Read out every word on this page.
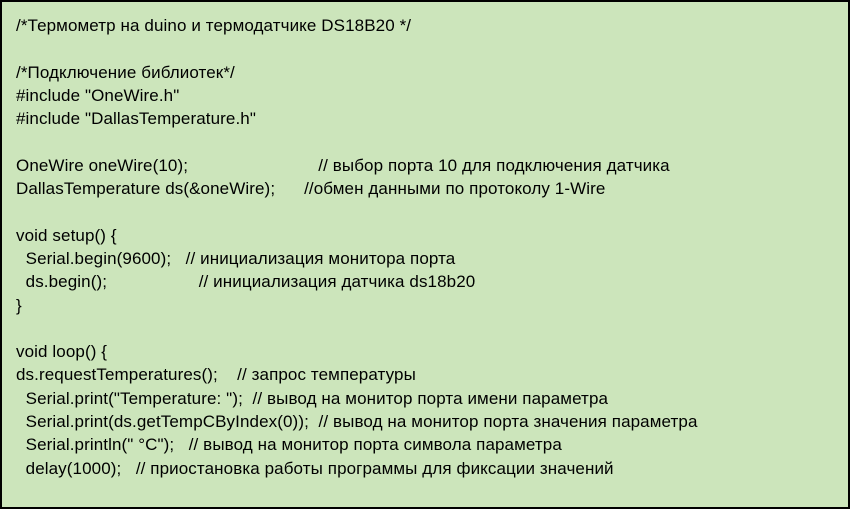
/*Термометр на duino и термодатчике DS18B20 */
/*Подключение библиотек*/
#include "OneWire.h"
#include "DallasTemperature.h"
OneWire oneWire(10);                           // выбор порта 10 для подключения датчика
DallasTemperature ds(&oneWire);      //обмен данными по протоколу 1-Wire
void setup() {
Serial.begin(9600);   // инициализация монитора порта
ds.begin();                   // инициализация датчика ds18b20
}
void loop() {
ds.requestTemperatures();    // запрос температуры
Serial.print("Temperature: ");  // вывод на монитор порта имени параметра
Serial.print(ds.getTempCByIndex(0));  // вывод на монитор порта значения параметра
Serial.println(" °C");   // вывод на монитор порта символа параметра
delay(1000);   // приостановка работы программы для фиксации значений
